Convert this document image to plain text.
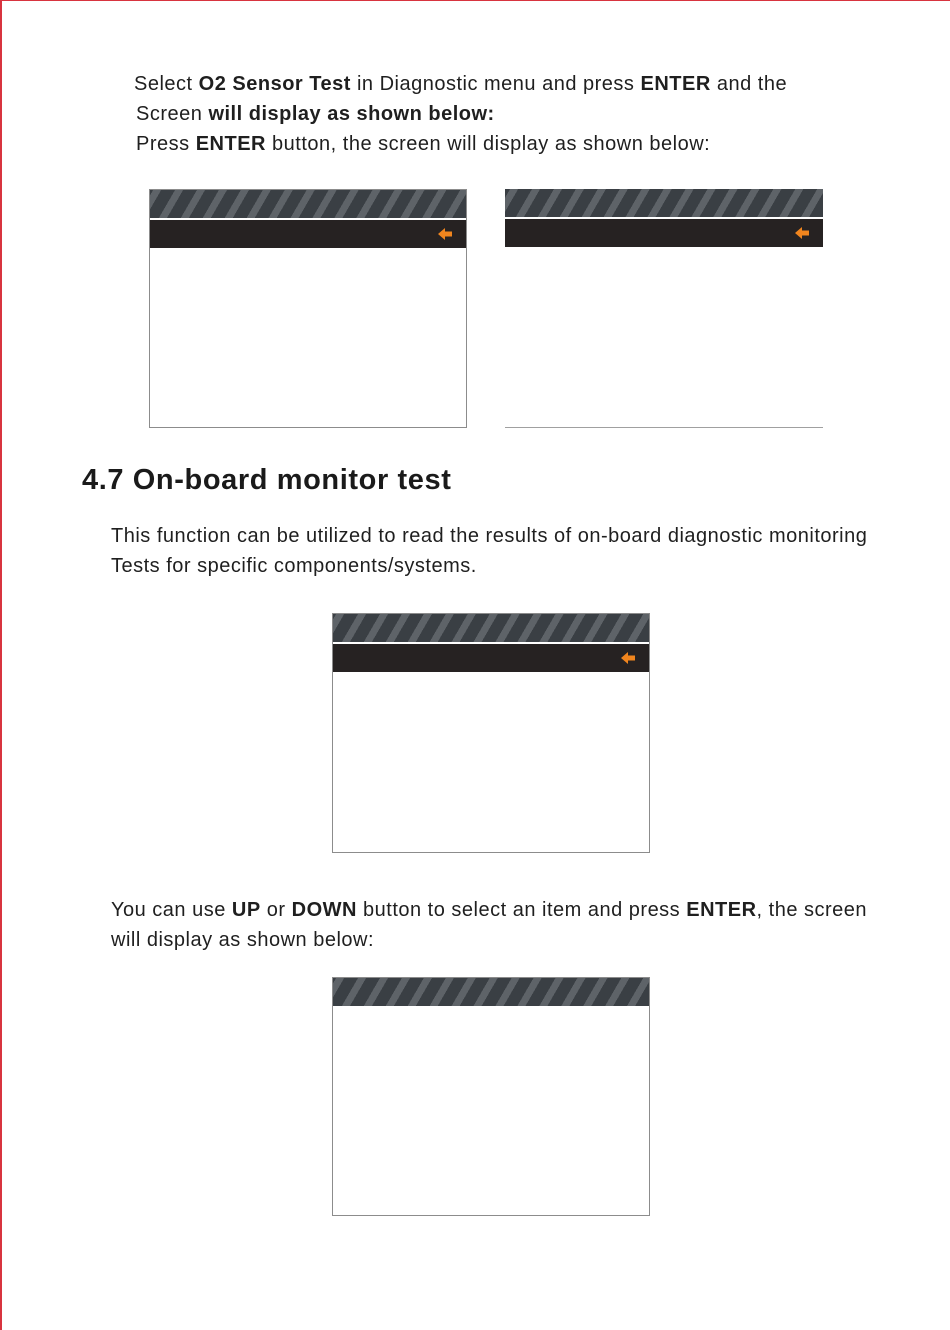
Select O2 Sensor Test in Diagnostic menu and press ENTER and the

Screen will display as shown below:

Press ENTER button, the screen will display as shown below:

4.7 On-board monitor test

This function can be utilized to read the results of on-board diagnostic monitoring

Tests for specific components/systems.

You can use UP or DOWN button to select an item and press ENTER, the screen

will display as shown below:
